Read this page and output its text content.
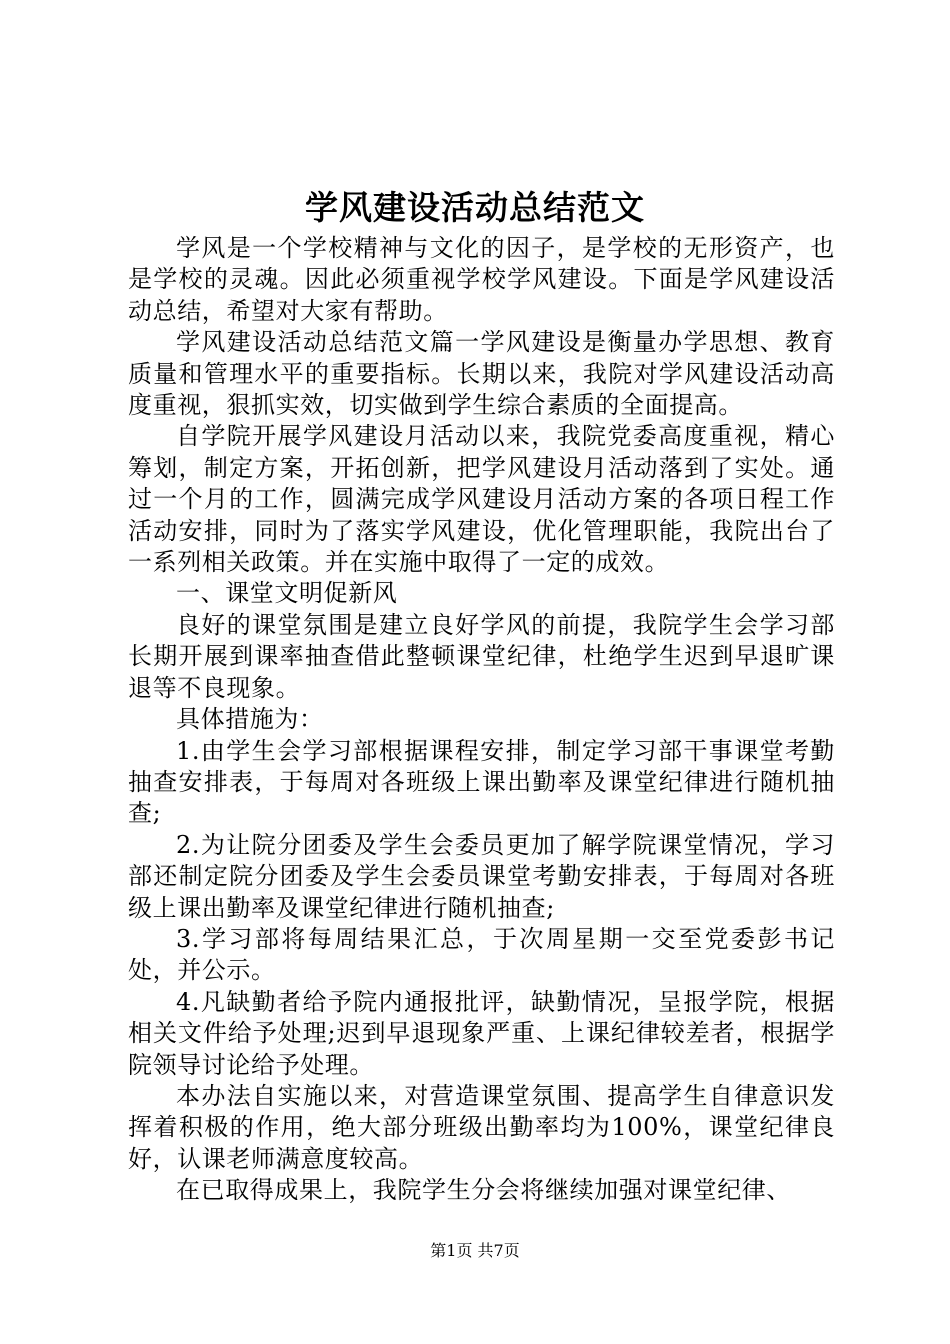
学风建设活动总结范文

学风是一个学校精神与文化的因子，是学校的无形资产，也是学校的灵魂。因此必须重视学校学风建设。下面是学风建设活动总结，希望对大家有帮助。

学风建设活动总结范文篇一学风建设是衡量办学思想、教育质量和管理水平的重要指标。长期以来，我院对学风建设活动高度重视，狠抓实效，切实做到学生综合素质的全面提高。

自学院开展学风建设月活动以来，我院党委高度重视，精心筹划，制定方案，开拓创新，把学风建设月活动落到了实处。通过一个月的工作，圆满完成学风建设月活动方案的各项日程工作活动安排，同时为了落实学风建设，优化管理职能，我院出台了一系列相关政策。并在实施中取得了一定的成效。

一、课堂文明促新风

良好的课堂氛围是建立良好学风的前提，我院学生会学习部长期开展到课率抽查借此整顿课堂纪律，杜绝学生迟到早退旷课退等不良现象。

具体措施为：

1.由学生会学习部根据课程安排，制定学习部干事课堂考勤抽查安排表，于每周对各班级上课出勤率及课堂纪律进行随机抽查;

2.为让院分团委及学生会委员更加了解学院课堂情况，学习部还制定院分团委及学生会委员课堂考勤安排表，于每周对各班级上课出勤率及课堂纪律进行随机抽查;

3.学习部将每周结果汇总，于次周星期一交至党委彭书记处，并公示。

4.凡缺勤者给予院内通报批评，缺勤情况，呈报学院，根据相关文件给予处理;迟到早退现象严重、上课纪律较差者，根据学院领导讨论给予处理。

本办法自实施以来，对营造课堂氛围、提高学生自律意识发挥着积极的作用，绝大部分班级出勤率均为100%，课堂纪律良好，认课老师满意度较高。

在已取得成果上，我院学生分会将继续加强对课堂纪律、

第1页 共7页
